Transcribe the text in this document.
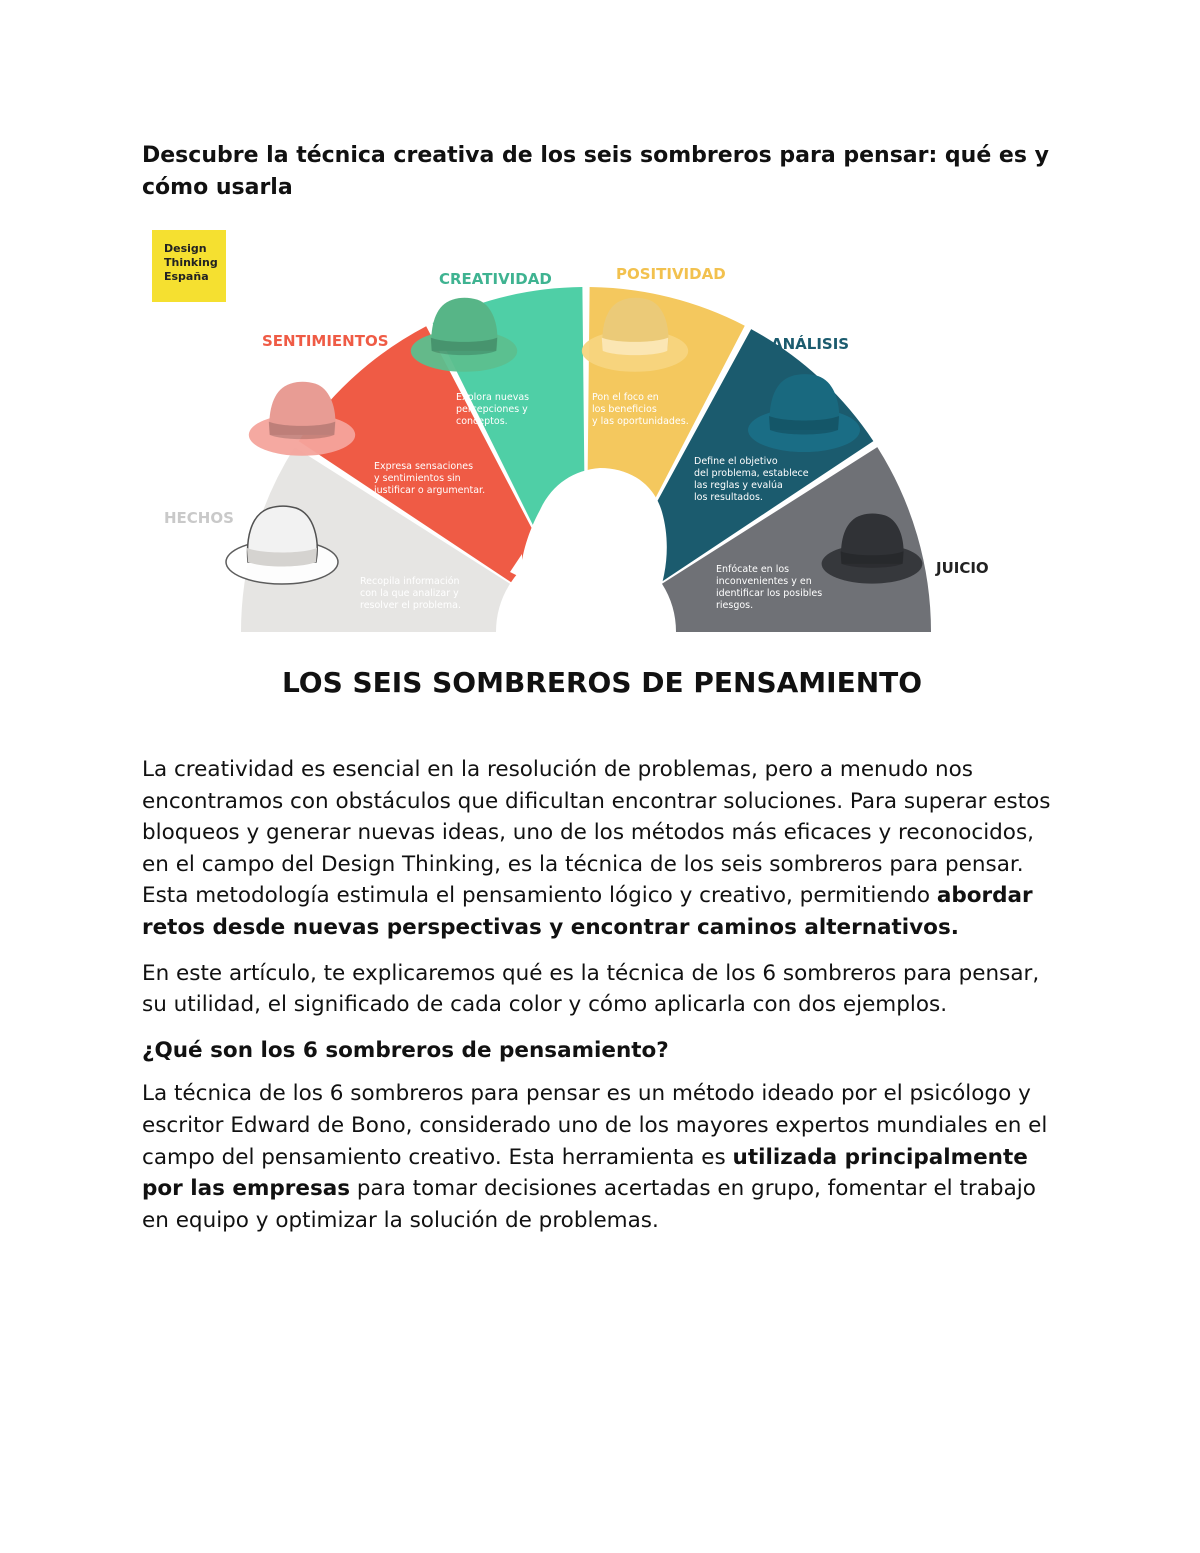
Descubre la técnica creativa de los seis sombreros para pensar: qué es y cómo usarla
Design
Thinking
España
HECHOS
SENTIMIENTOS
CREATIVIDAD	POSITIVIDAD
ANÁLISIS
JUICIO
Recopila información
con la que analizar y
resolver el problema.
Expresa sensaciones
y sentimientos sin
justificar o argumentar.
Explora nuevas
percepciones y
conceptos.
Pon el foco en
los beneficios
y las oportunidades.
Define el objetivo
del problema, establece
las reglas y evalúa
los resultados.
Enfócate en los
inconvenientes y en
identificar los posibles
riesgos.
LOS SEIS SOMBREROS DE PENSAMIENTO

La creatividad es esencial en la resolución de problemas, pero a menudo nos encontramos con obstáculos que dificultan encontrar soluciones. Para superar estos bloqueos y generar nuevas ideas, uno de los métodos más eficaces y reconocidos, en el campo del Design Thinking, es la técnica de los seis sombreros para pensar. Esta metodología estimula el pensamiento lógico y creativo, permitiendo abordar retos desde nuevas perspectivas y encontrar caminos alternativos.

En este artículo, te explicaremos qué es la técnica de los 6 sombreros para pensar, su utilidad, el significado de cada color y cómo aplicarla con dos ejemplos.

¿Qué son los 6 sombreros de pensamiento?

La técnica de los 6 sombreros para pensar es un método ideado por el psicólogo y escritor Edward de Bono, considerado uno de los mayores expertos mundiales en el campo del pensamiento creativo. Esta herramienta es utilizada principalmente por las empresas para tomar decisiones acertadas en grupo, fomentar el trabajo en equipo y optimizar la solución de problemas.
